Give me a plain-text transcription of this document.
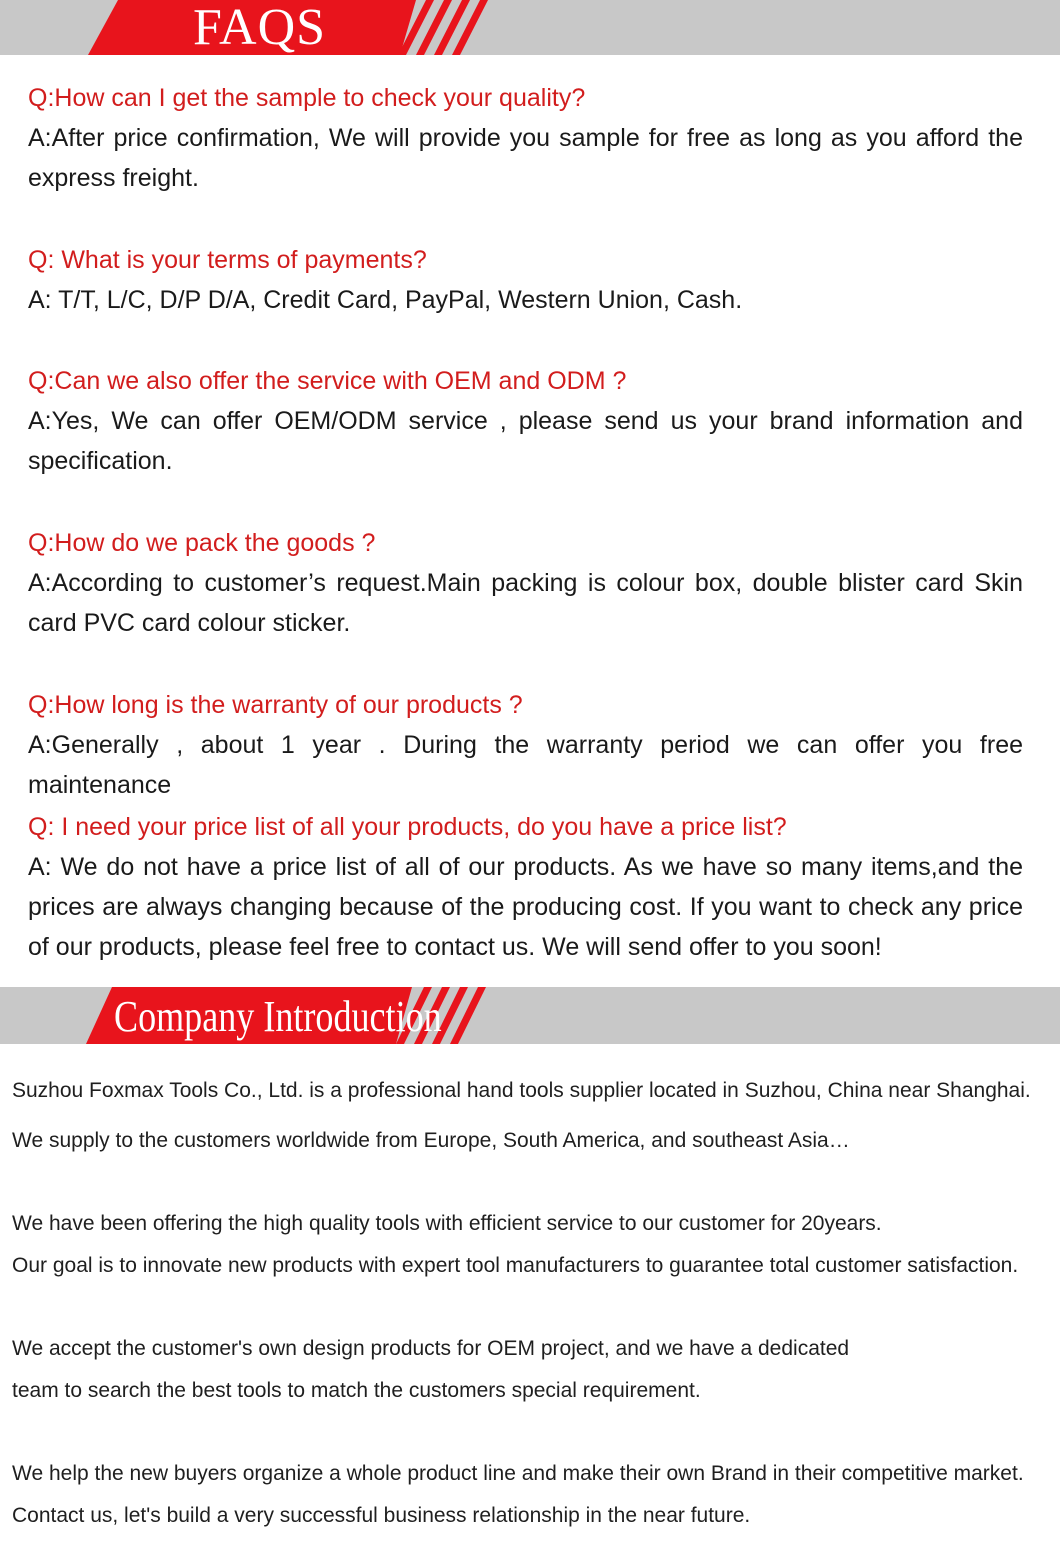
FAQS
Q:How can I get the sample to check your quality?
A:After price confirmation, We will provide you sample for free as long as you afford the express freight.
Q: What is your terms of payments?
A: T/T, L/C, D/P D/A, Credit Card, PayPal, Western Union, Cash.
Q:Can we also offer the service with OEM and ODM ?
A:Yes, We can offer OEM/ODM service , please send us your brand information and specification.
Q:How do we pack the goods ?
A:According to customer’s request.Main packing is colour box, double blister card Skin card PVC card colour sticker.
Q:How long is the warranty of our products ?
A:Generally , about 1 year . During the warranty period we can offer you free maintenance
Q: I need your price list of all your products, do you have a price list?
A: We do not have a price list of all of our products. As we have so many items,and the prices are always changing because of the producing cost. If you want to check any price of our products, please feel free to contact us. We will send offer to you soon!
Company Introduction
Suzhou Foxmax Tools Co., Ltd. is a professional hand tools supplier located in Suzhou, China near Shanghai.
We supply to the customers worldwide from Europe, South America, and southeast Asia…
We have been offering the high quality tools with efficient service to our customer for 20years.
Our goal is to innovate new products with expert tool manufacturers to guarantee total customer satisfaction.
We accept the customer's own design products for OEM project, and we have a dedicated
team to search the best tools to match the customers special requirement.
We help the new buyers organize a whole product line and make their own Brand in their competitive market.
Contact us, let's build a very successful business relationship in the near future.
